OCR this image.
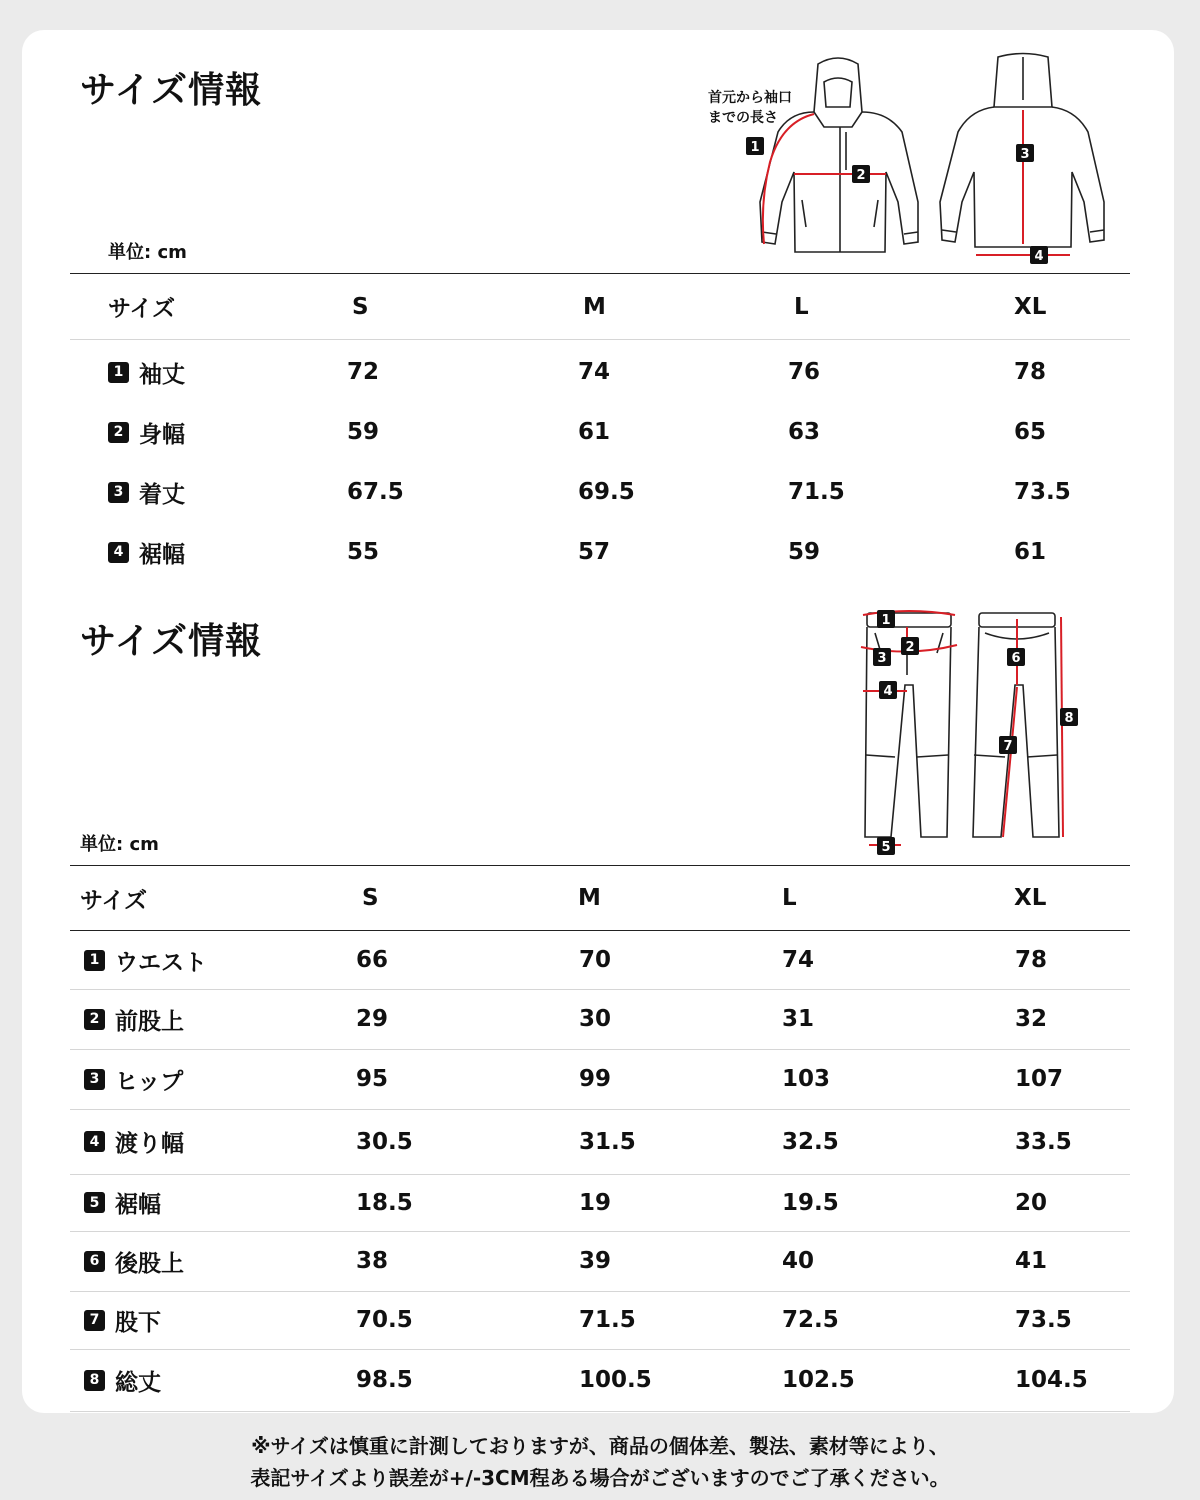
サイズ情報
単位: cm
1
2
3
4
首元から袖口
までの長さ
サイズ	S	M	L	XL
1 袖丈	72	74	76	78
2 身幅	59	61	63	65
3 着丈	67.5	69.5	71.5	73.5
4 裾幅	55	57	59	61
サイズ情報
単位: cm
1
2
3
4
5
6
7
8
サイズ	S	M	L	XL
1 ウエスト	66	70	74	78
2 前股上	29	30	31	32
3 ヒップ	95	99	103	107
4 渡り幅	30.5	31.5	32.5	33.5
5 裾幅	18.5	19	19.5	20
6 後股上	38	39	40	41
7 股下	70.5	71.5	72.5	73.5
8 総丈	98.5	100.5	102.5	104.5
※サイズは慎重に計測しておりますが、商品の個体差、製法、素材等により、
表記サイズより誤差が+/-3CM程ある場合がございますのでご了承ください。
